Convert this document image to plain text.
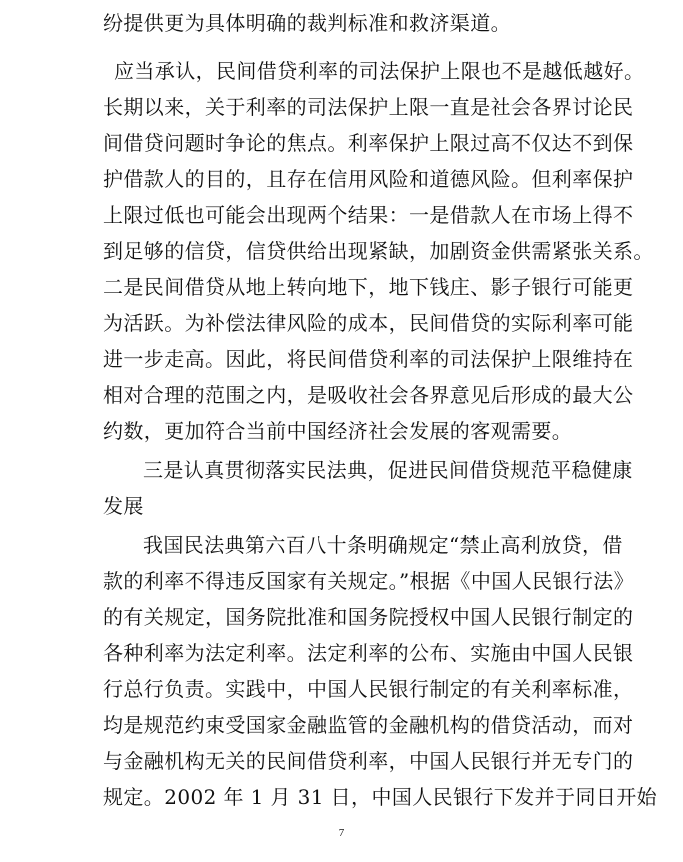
纷提供更为具体明确的裁判标准和救济渠道。
应当承认，民间借贷利率的司法保护上限也不是越低越好。
长期以来，关于利率的司法保护上限一直是社会各界讨论民
间借贷问题时争论的焦点。利率保护上限过高不仅达不到保
护借款人的目的，且存在信用风险和道德风险。但利率保护
上限过低也可能会出现两个结果：一是借款人在市场上得不
到足够的信贷，信贷供给出现紧缺，加剧资金供需紧张关系。
二是民间借贷从地上转向地下，地下钱庄、影子银行可能更
为活跃。为补偿法律风险的成本，民间借贷的实际利率可能
进一步走高。因此，将民间借贷利率的司法保护上限维持在
相对合理的范围之内，是吸收社会各界意见后形成的最大公
约数，更加符合当前中国经济社会发展的客观需要。
三是认真贯彻落实民法典，促进民间借贷规范平稳健康
发展
我国民法典第六百八十条明确规定“禁止高利放贷，借
款的利率不得违反国家有关规定。”根据《中国人民银行法》
的有关规定，国务院批准和国务院授权中国人民银行制定的
各种利率为法定利率。法定利率的公布、实施由中国人民银
行总行负责。实践中，中国人民银行制定的有关利率标准，
均是规范约束受国家金融监管的金融机构的借贷活动，而对
与金融机构无关的民间借贷利率，中国人民银行并无专门的
规定。2002 年 1 月 31 日，中国人民银行下发并于同日开始
7
